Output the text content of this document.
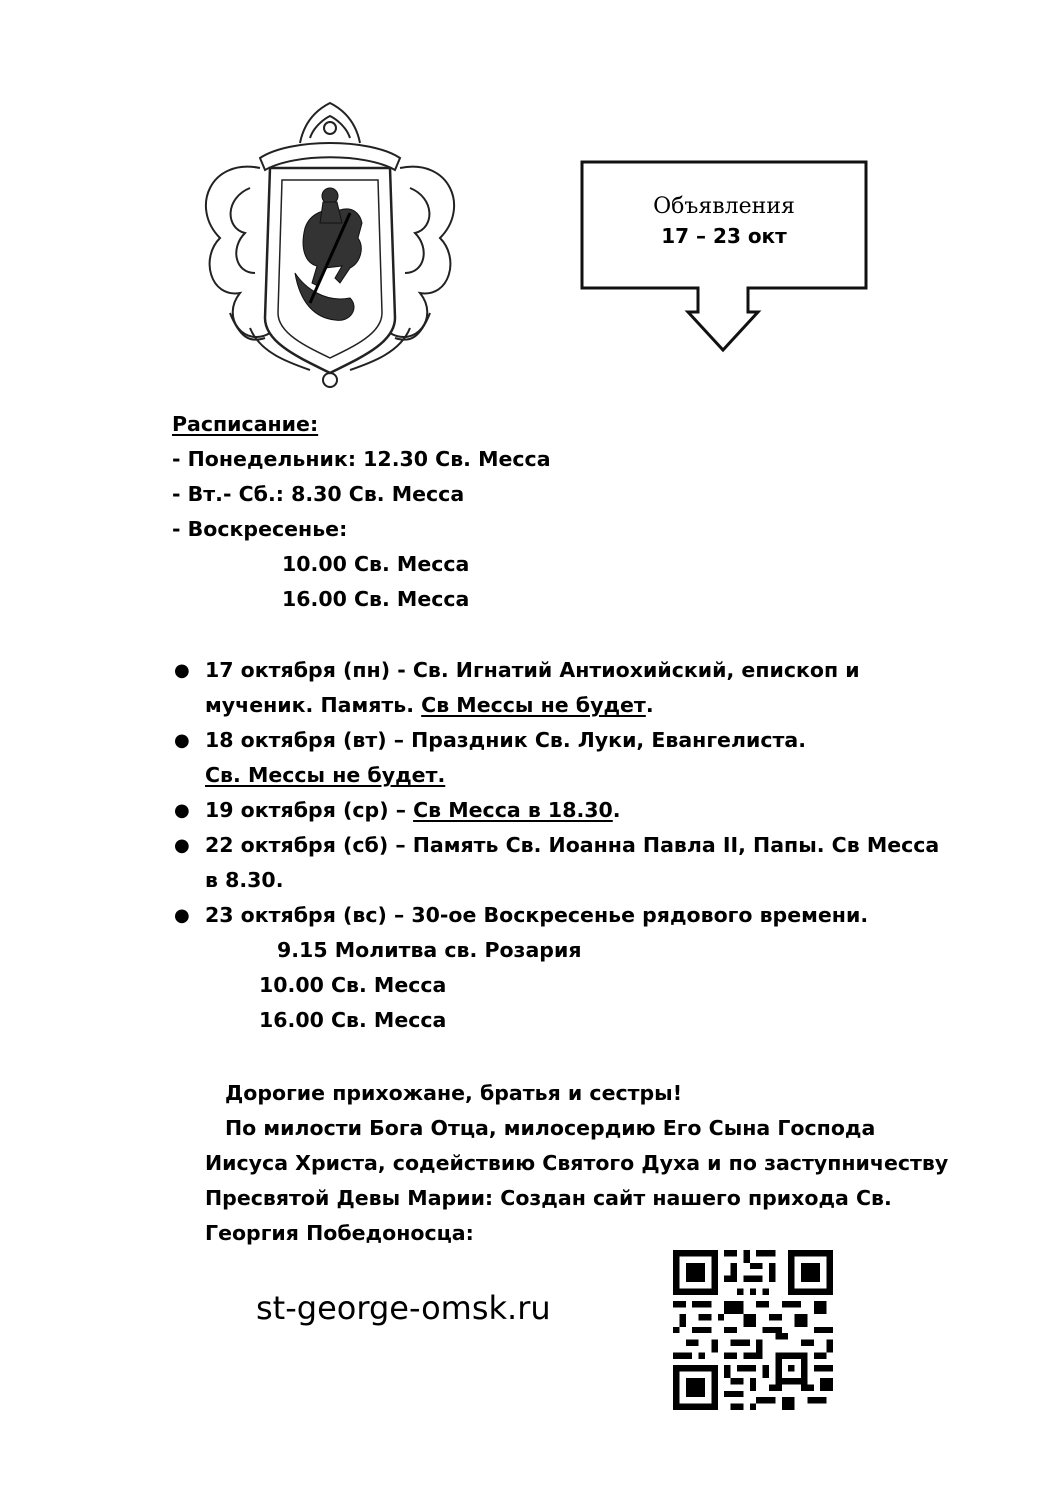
Объявления
17 – 23 окт
Расписание:
- Понедельник: 12.30 Св. Месса
- Вт.- Сб.: 8.30 Св. Месса
- Воскресенье:
10.00 Св. Месса
16.00 Св. Месса
● 17 октября (пн) - Св. Игнатий Антиохийский, епископ и
мученик. Память. Св Мессы не будет.
● 18 октября (вт) – Праздник Св. Луки, Евангелиста.
Св. Мессы не будет.
● 19 октября (ср) – Св Месса в 18.30.
● 22 октября (сб) – Память Св. Иоанна Павла II, Папы. Св Месса
в 8.30.
● 23 октября (вс) – 30-ое Воскресенье рядового времени.
9.15 Молитва св. Розария
10.00 Св. Месса
16.00 Св. Месса
Дорогие прихожане, братья и сестры!
По милости Бога Отца, милосердию Его Сына Господа
Иисуса Христа, содействию Святого Духа и по заступничеству
Пресвятой Девы Марии: Создан сайт нашего прихода Св.
Георгия Победоносца:
st-george-omsk.ru
